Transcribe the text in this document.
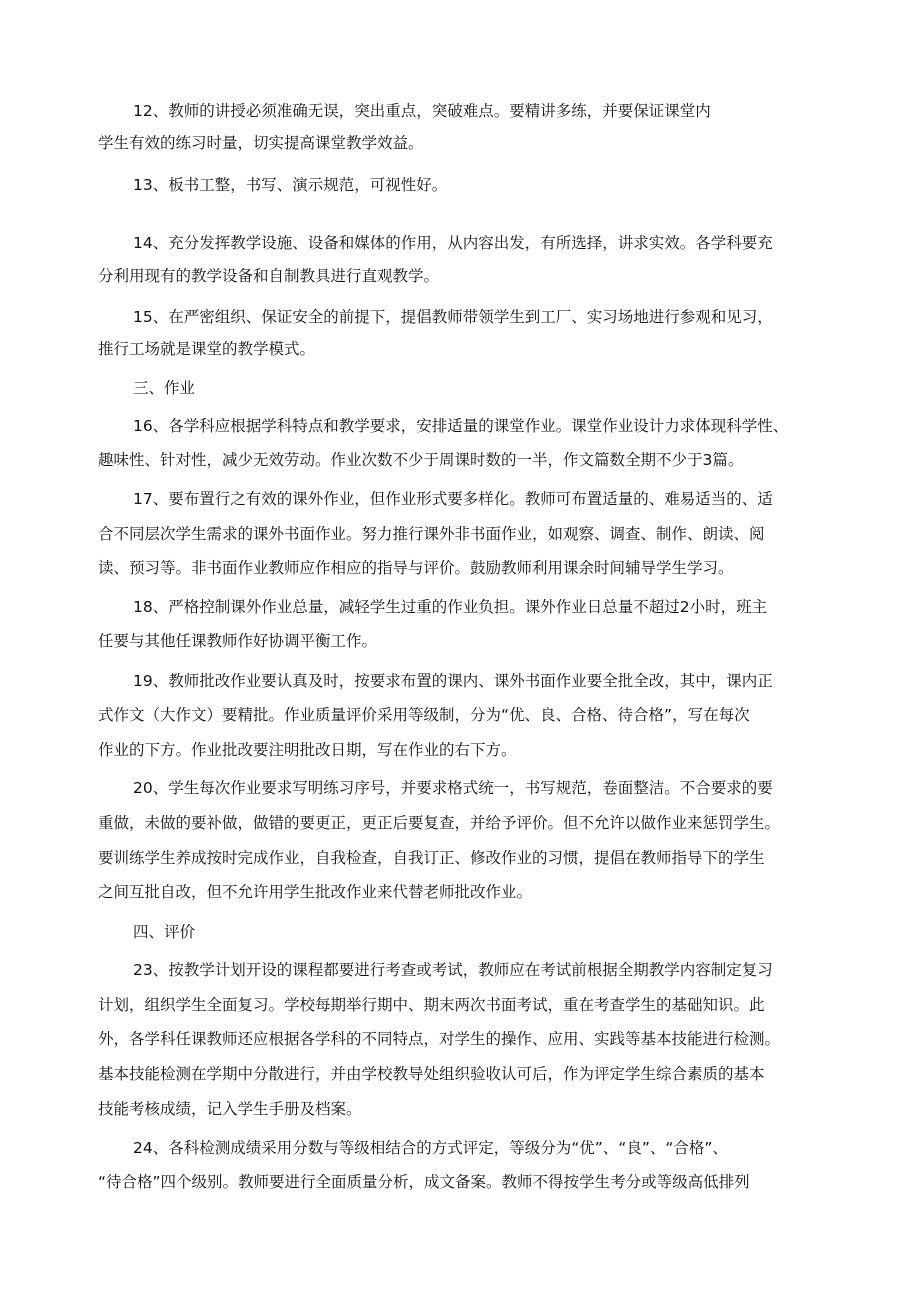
12、教师的讲授必须准确无误，突出重点，突破难点。要精讲多练，并要保证课堂内
学生有效的练习时量，切实提高课堂教学效益。
13、板书工整，书写、演示规范，可视性好。
14、充分发挥教学设施、设备和媒体的作用，从内容出发，有所选择，讲求实效。各学科要充
分利用现有的教学设备和自制教具进行直观教学。
15、在严密组织、保证安全的前提下，提倡教师带领学生到工厂、实习场地进行参观和见习，
推行工场就是课堂的教学模式。
三、作业
16、各学科应根据学科特点和教学要求，安排适量的课堂作业。课堂作业设计力求体现科学性、
趣味性、针对性，减少无效劳动。作业次数不少于周课时数的一半，作文篇数全期不少于3篇。
17、要布置行之有效的课外作业，但作业形式要多样化。教师可布置适量的、难易适当的、适
合不同层次学生需求的课外书面作业。努力推行课外非书面作业，如观察、调查、制作、朗读、阅
读、预习等。非书面作业教师应作相应的指导与评价。鼓励教师利用课余时间辅导学生学习。
18、严格控制课外作业总量，减轻学生过重的作业负担。课外作业日总量不超过2小时，班主
任要与其他任课教师作好协调平衡工作。
19、教师批改作业要认真及时，按要求布置的课内、课外书面作业要全批全改，其中，课内正
式作文（大作文）要精批。作业质量评价采用等级制，分为“优、良、合格、待合格”，写在每次
作业的下方。作业批改要注明批改日期，写在作业的右下方。
20、学生每次作业要求写明练习序号，并要求格式统一，书写规范，卷面整洁。不合要求的要
重做，未做的要补做，做错的要更正，更正后要复查，并给予评价。但不允许以做作业来惩罚学生。
要训练学生养成按时完成作业，自我检查，自我订正、修改作业的习惯，提倡在教师指导下的学生
之间互批自改，但不允许用学生批改作业来代替老师批改作业。
四、评价
23、按教学计划开设的课程都要进行考查或考试，教师应在考试前根据全期教学内容制定复习
计划，组织学生全面复习。学校每期举行期中、期末两次书面考试，重在考查学生的基础知识。此
外，各学科任课教师还应根据各学科的不同特点，对学生的操作、应用、实践等基本技能进行检测。
基本技能检测在学期中分散进行，并由学校教导处组织验收认可后，作为评定学生综合素质的基本
技能考核成绩，记入学生手册及档案。
24、各科检测成绩采用分数与等级相结合的方式评定，等级分为“优”、“良”、“合格”、
“待合格”四个级别。教师要进行全面质量分析，成文备案。教师不得按学生考分或等级高低排列
